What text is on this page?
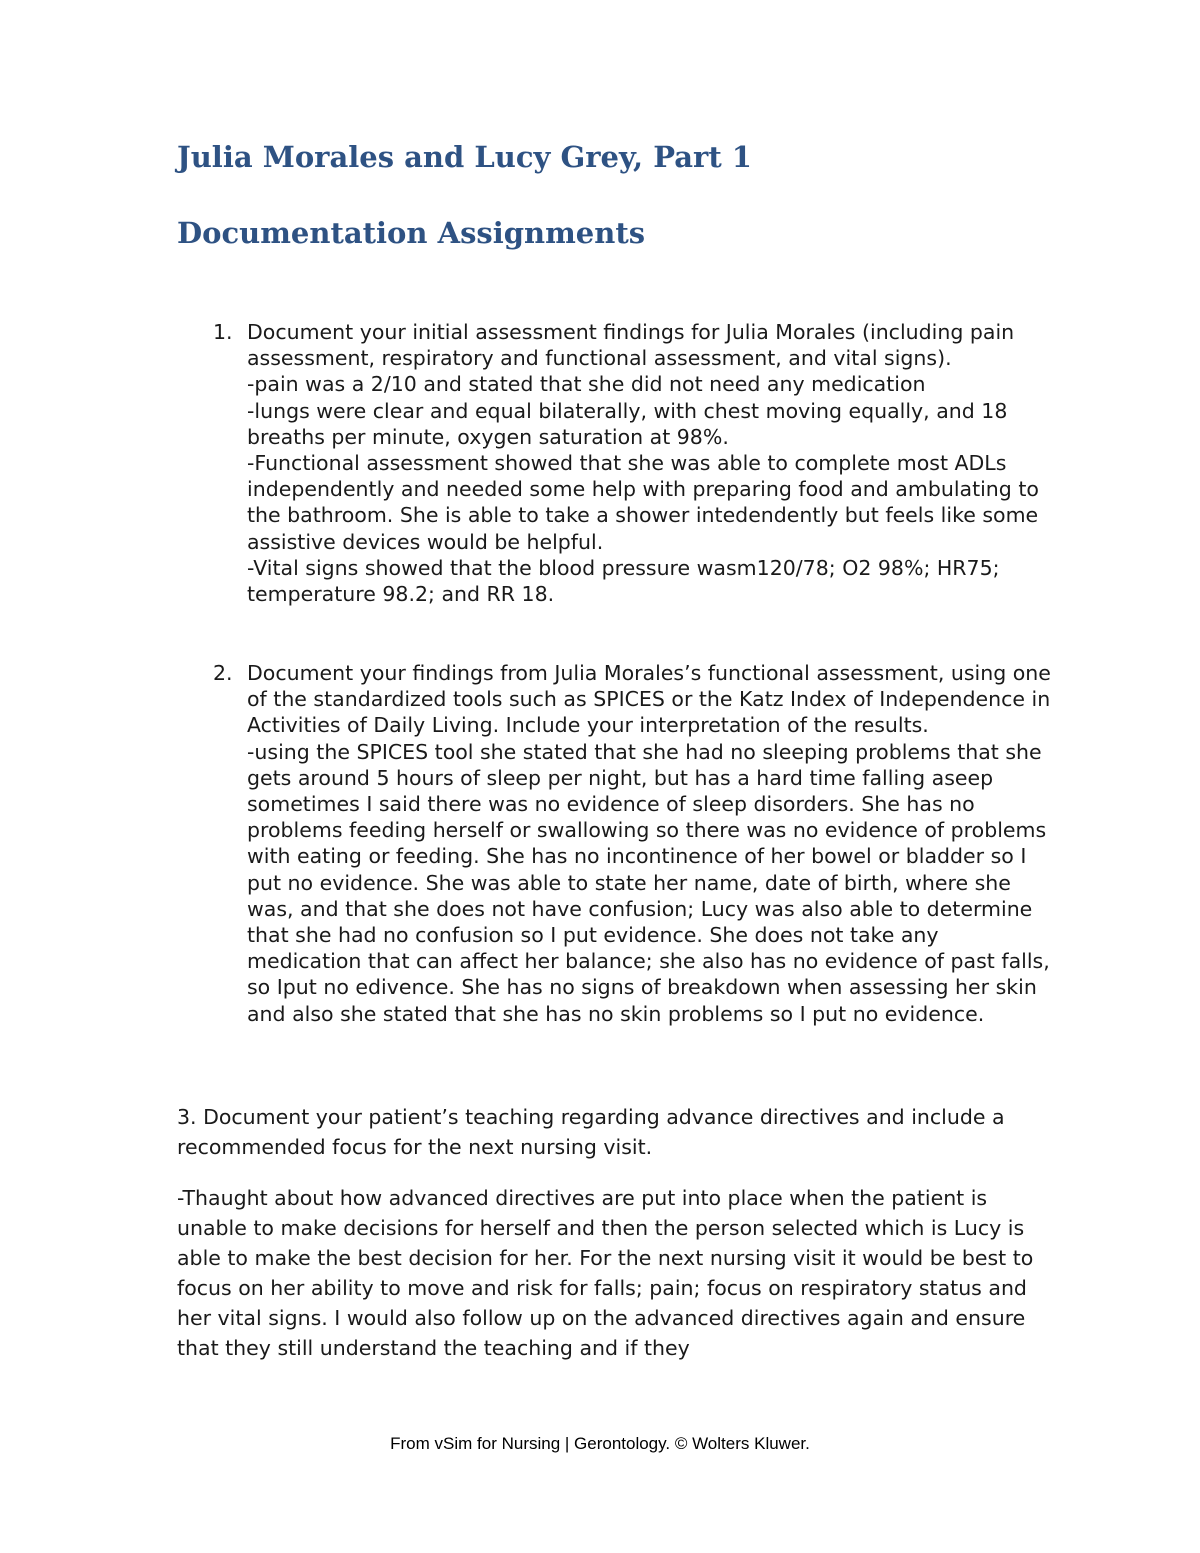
Julia Morales and Lucy Grey, Part 1
Documentation Assignments
1. Document your initial assessment findings for Julia Morales (including pain assessment, respiratory and functional assessment, and vital signs).

-pain was a 2/10 and stated that she did not need any medication

-lungs were clear and equal bilaterally, with chest moving equally, and 18 breaths per minute, oxygen saturation at 98%.

-Functional assessment showed that she was able to complete most ADLs independently and needed some help with preparing food and ambulating to the bathroom. She is able to take a shower intedendently but feels like some assistive devices would be helpful.

-Vital signs showed that the blood pressure wasm120/78; O2 98%; HR75; temperature 98.2; and RR 18.

2. Document your findings from Julia Morales’s functional assessment, using one of the standardized tools such as SPICES or the Katz Index of Independence in Activities of Daily Living. Include your interpretation of the results.

-using the SPICES tool she stated that she had no sleeping problems that she gets around 5 hours of sleep per night, but has a hard time falling aseep sometimes I said there was no evidence of sleep disorders. She has no problems feeding herself or swallowing so there was no evidence of problems with eating or feeding. She has no incontinence of her bowel or bladder so I put no evidence. She was able to state her name, date of birth, where she was, and that she does not have confusion; Lucy was also able to determine that she had no confusion so I put evidence. She does not take any medication that can affect her balance; she also has no evidence of past falls, so Iput no edivence. She has no signs of breakdown when assessing her skin and also she stated that she has no skin problems so I put no evidence.

3. Document your patient’s teaching regarding advance directives and include a recommended focus for the next nursing visit.

-Thaught about how advanced directives are put into place when the patient is unable to make decisions for herself and then the person selected which is Lucy is able to make the best decision for her. For the next nursing visit it would be best to focus on her ability to move and risk for falls; pain; focus on respiratory status and her vital signs. I would also follow up on the advanced directives again and ensure that they still understand the teaching and if they

From vSim for Nursing | Gerontology. © Wolters Kluwer.
